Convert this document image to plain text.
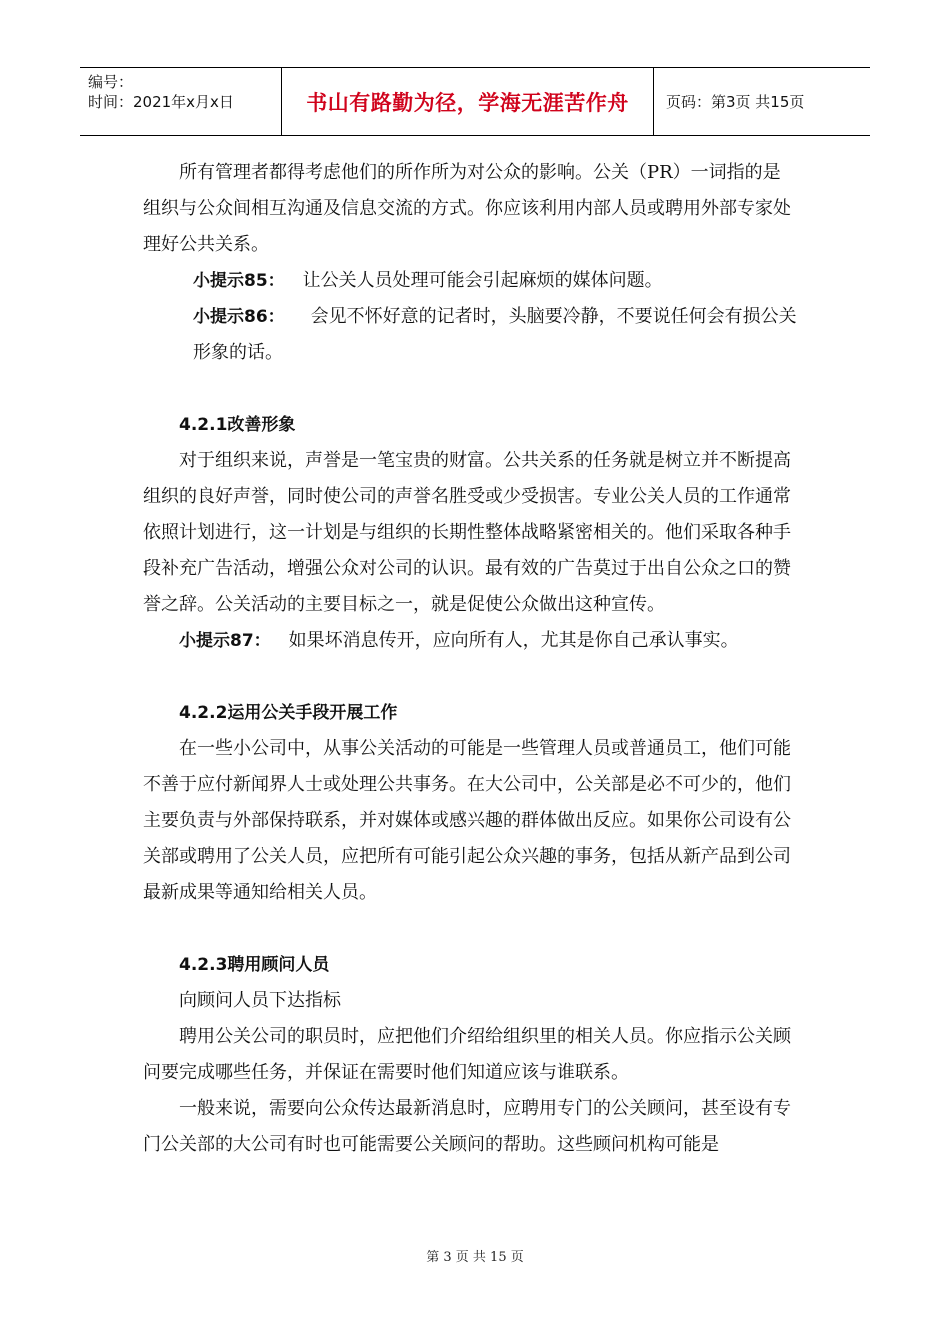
编号：
时间：2021年x月x日	书山有路勤为径，学海无涯苦作舟	页码：第3页 共15页

所有管理者都得考虑他们的所作所为对公众的影响。公关（PR）一词指的是组织与公众间相互沟通及信息交流的方式。你应该利用内部人员或聘用外部专家处理好公共关系。

小提示85： 让公关人员处理可能会引起麻烦的媒体问题。

小提示86： 会见不怀好意的记者时，头脑要冷静，不要说任何会有损公关形象的话。

4.2.1改善形象

对于组织来说，声誉是一笔宝贵的财富。公共关系的任务就是树立并不断提高组织的良好声誉，同时使公司的声誉名胜受或少受损害。专业公关人员的工作通常依照计划进行，这一计划是与组织的长期性整体战略紧密相关的。他们采取各种手段补充广告活动，增强公众对公司的认识。最有效的广告莫过于出自公众之口的赞誉之辞。公关活动的主要目标之一，就是促使公众做出这种宣传。

小提示87： 如果坏消息传开，应向所有人，尤其是你自己承认事实。

4.2.2运用公关手段开展工作

在一些小公司中，从事公关活动的可能是一些管理人员或普通员工，他们可能不善于应付新闻界人士或处理公共事务。在大公司中，公关部是必不可少的，他们主要负责与外部保持联系，并对媒体或感兴趣的群体做出反应。如果你公司设有公关部或聘用了公关人员，应把所有可能引起公众兴趣的事务，包括从新产品到公司最新成果等通知给相关人员。

4.2.3聘用顾问人员

向顾问人员下达指标

聘用公关公司的职员时，应把他们介绍给组织里的相关人员。你应指示公关顾问要完成哪些任务，并保证在需要时他们知道应该与谁联系。

一般来说，需要向公众传达最新消息时，应聘用专门的公关顾问，甚至设有专门公关部的大公司有时也可能需要公关顾问的帮助。这些顾问机构可能是

第 3 页 共 15 页
